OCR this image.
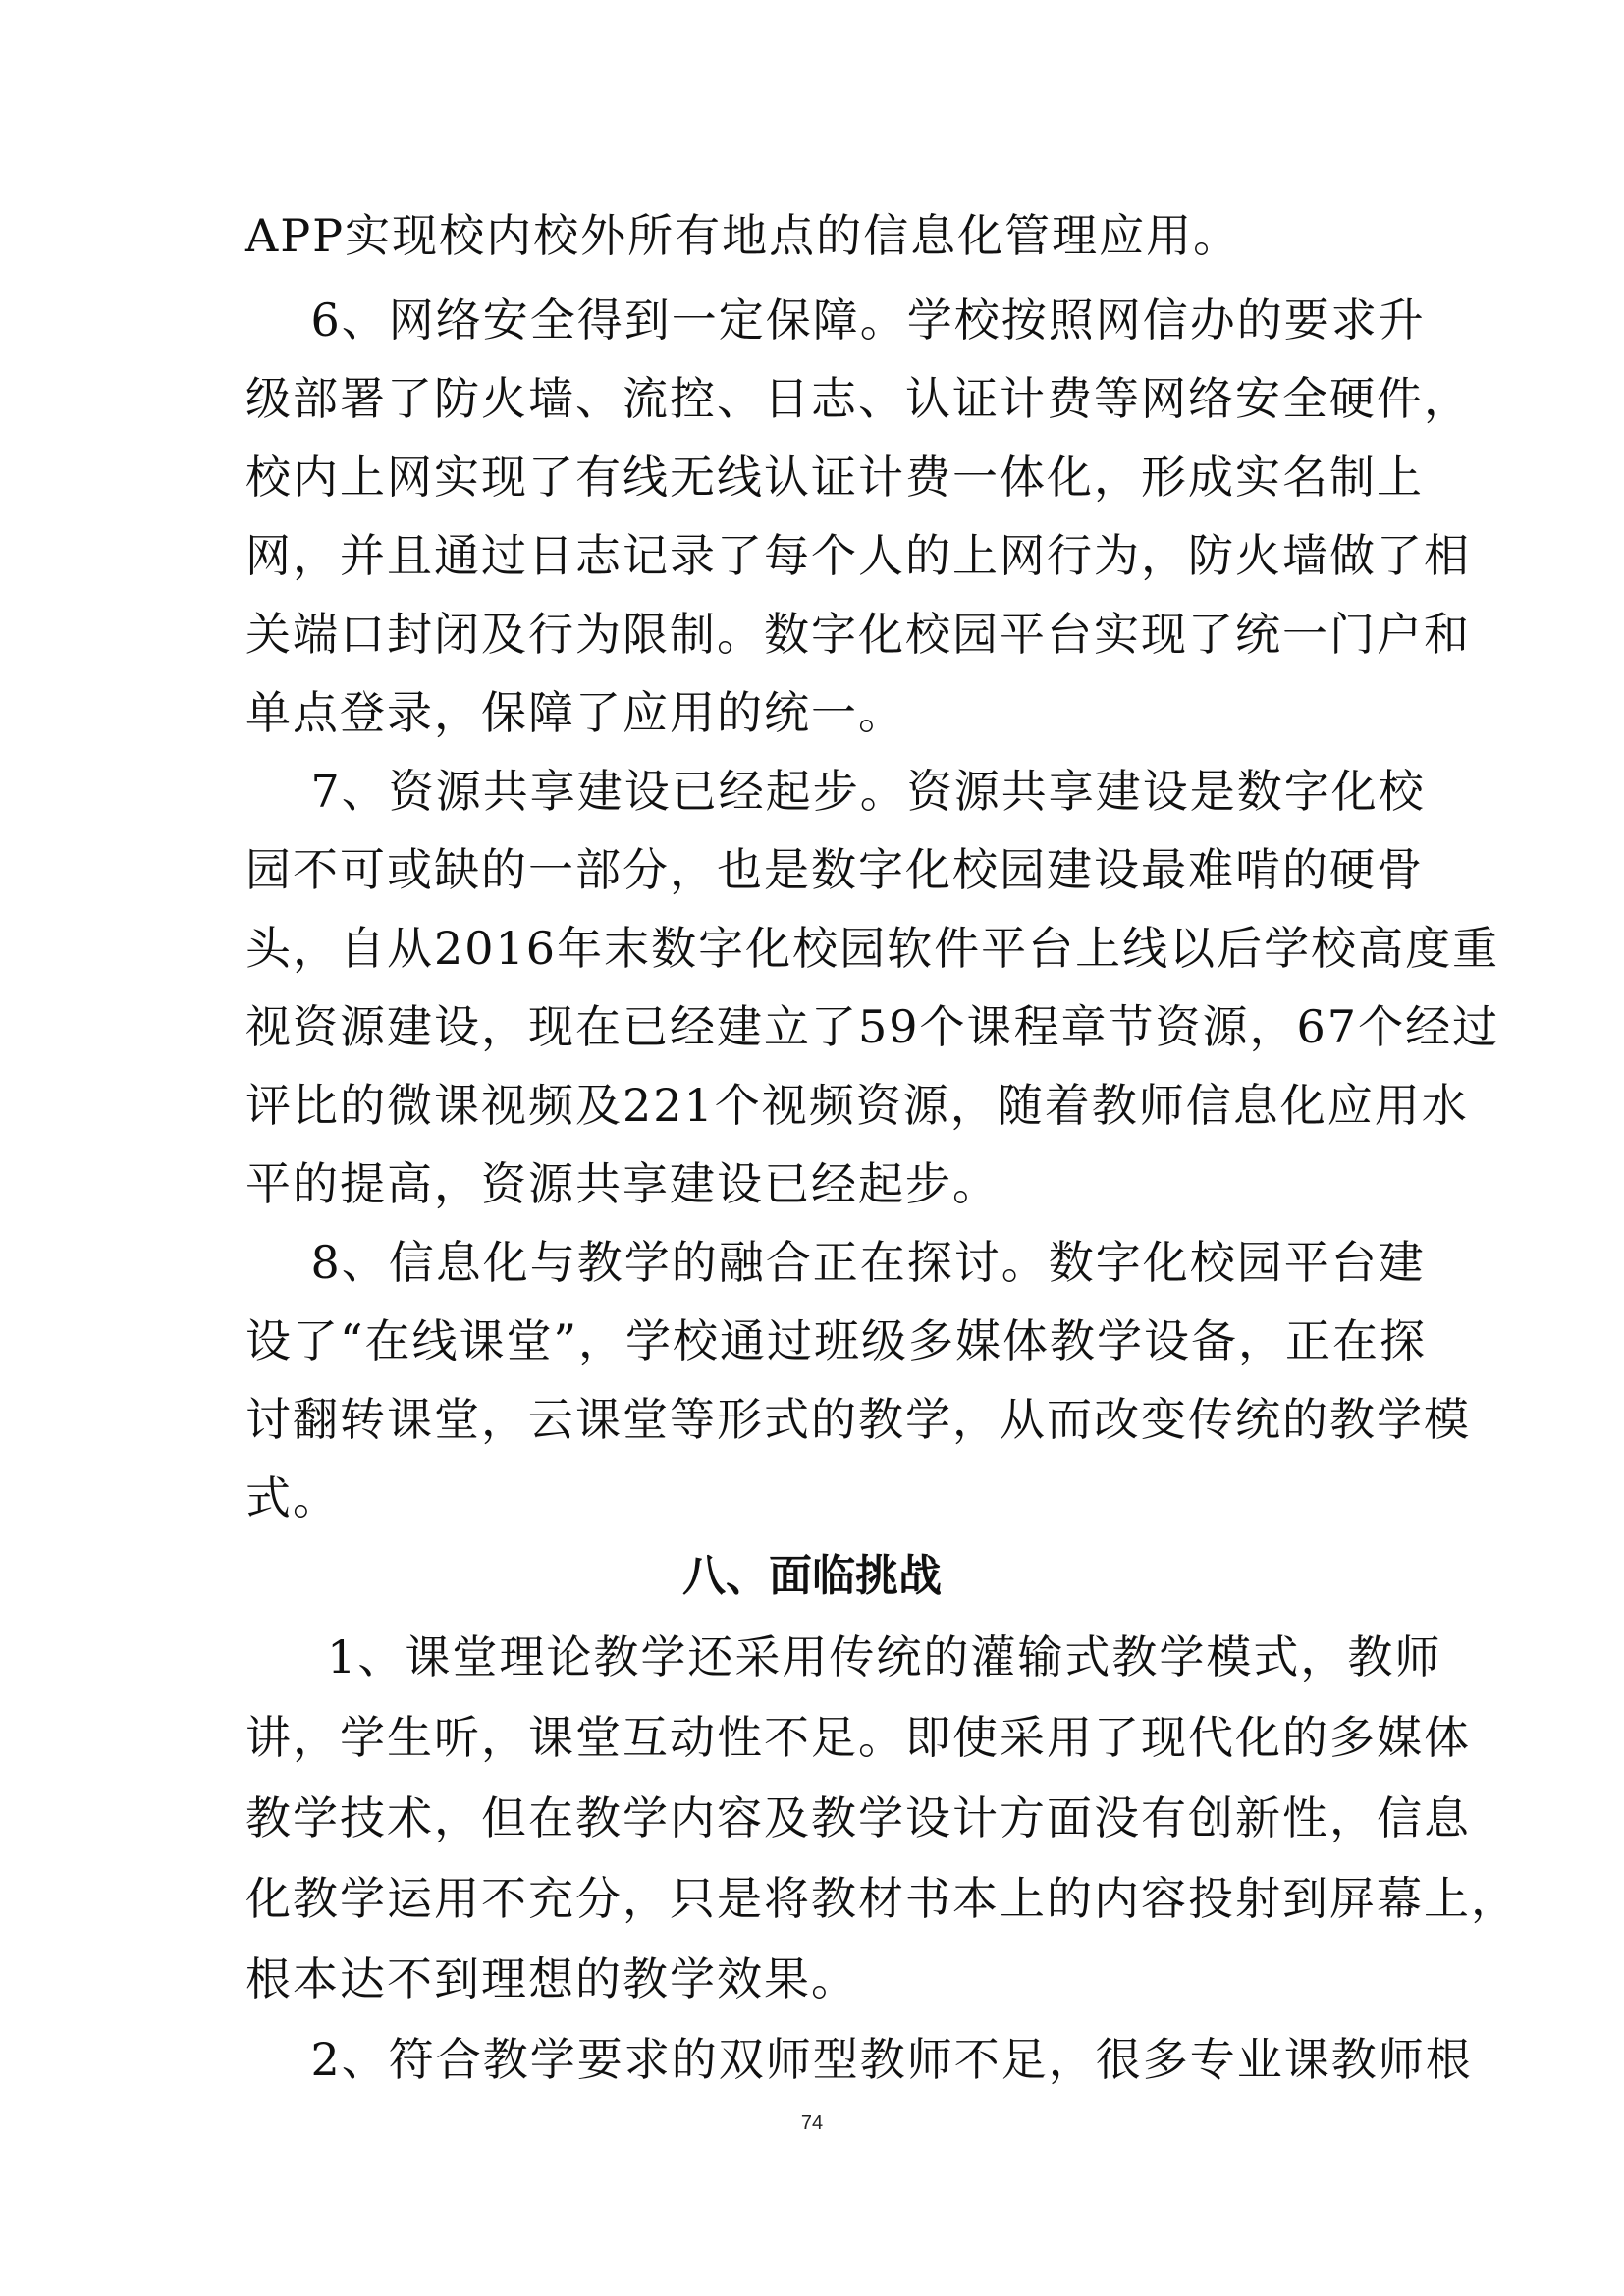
APP实现校内校外所有地点的信息化管理应用。
6、网络安全得到一定保障。学校按照网信办的要求升
级部署了防火墙、流控、日志、认证计费等网络安全硬件，
校内上网实现了有线无线认证计费一体化，形成实名制上
网，并且通过日志记录了每个人的上网行为，防火墙做了相
关端口封闭及行为限制。数字化校园平台实现了统一门户和
单点登录，保障了应用的统一。
7、资源共享建设已经起步。资源共享建设是数字化校
园不可或缺的一部分，也是数字化校园建设最难啃的硬骨
头，自从2016年末数字化校园软件平台上线以后学校高度重
视资源建设，现在已经建立了59个课程章节资源，67个经过
评比的微课视频及221个视频资源，随着教师信息化应用水
平的提高，资源共享建设已经起步。
8、信息化与教学的融合正在探讨。数字化校园平台建
设了“在线课堂”，学校通过班级多媒体教学设备，正在探
讨翻转课堂，云课堂等形式的教学，从而改变传统的教学模
式。
八、面临挑战
1、课堂理论教学还采用传统的灌输式教学模式，教师
讲，学生听，课堂互动性不足。即使采用了现代化的多媒体
教学技术，但在教学内容及教学设计方面没有创新性，信息
化教学运用不充分，只是将教材书本上的内容投射到屏幕上，
根本达不到理想的教学效果。
2、符合教学要求的双师型教师不足，很多专业课教师根
74
